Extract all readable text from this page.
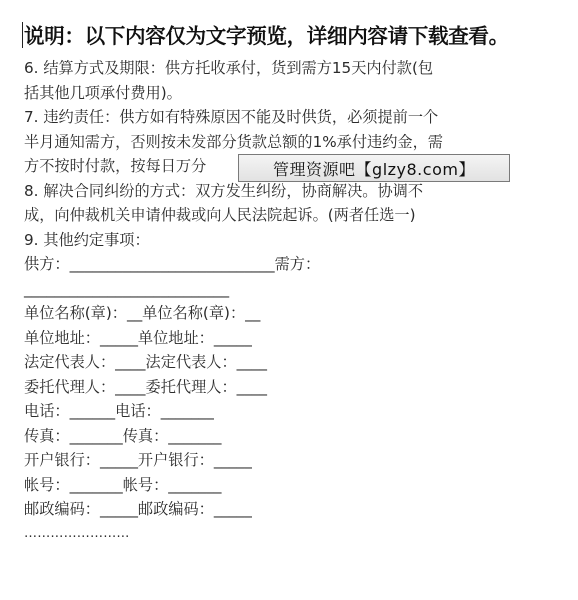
说明：以下内容仅为文字预览，详细内容请下载查看。
6. 结算方式及期限：供方托收承付，货到需方15天内付款(包
括其他几项承付费用)。
7. 违约责任：供方如有特殊原因不能及时供货，必须提前一个
半月通知需方，否则按未发部分货款总额的1%承付违约金，需
方不按时付款，按每日万分
8. 解决合同纠纷的方式：双方发生纠纷，协商解决。协调不
成，向仲裁机关申请仲裁或向人民法院起诉。(两者任选一)
9. 其他约定事项：
供方：___________________________需方：
___________________________
单位名称(章)：__单位名称(章)：__
单位地址：_____单位地址：_____
法定代表人：____法定代表人：____
委托代理人：____委托代理人：____
电话：______电话：_______
传真：_______传真：_______
开户银行：_____开户银行：_____
帐号：_______帐号：_______
邮政编码：_____邮政编码：_____
……………………
管理资源吧【glzy8.com】
